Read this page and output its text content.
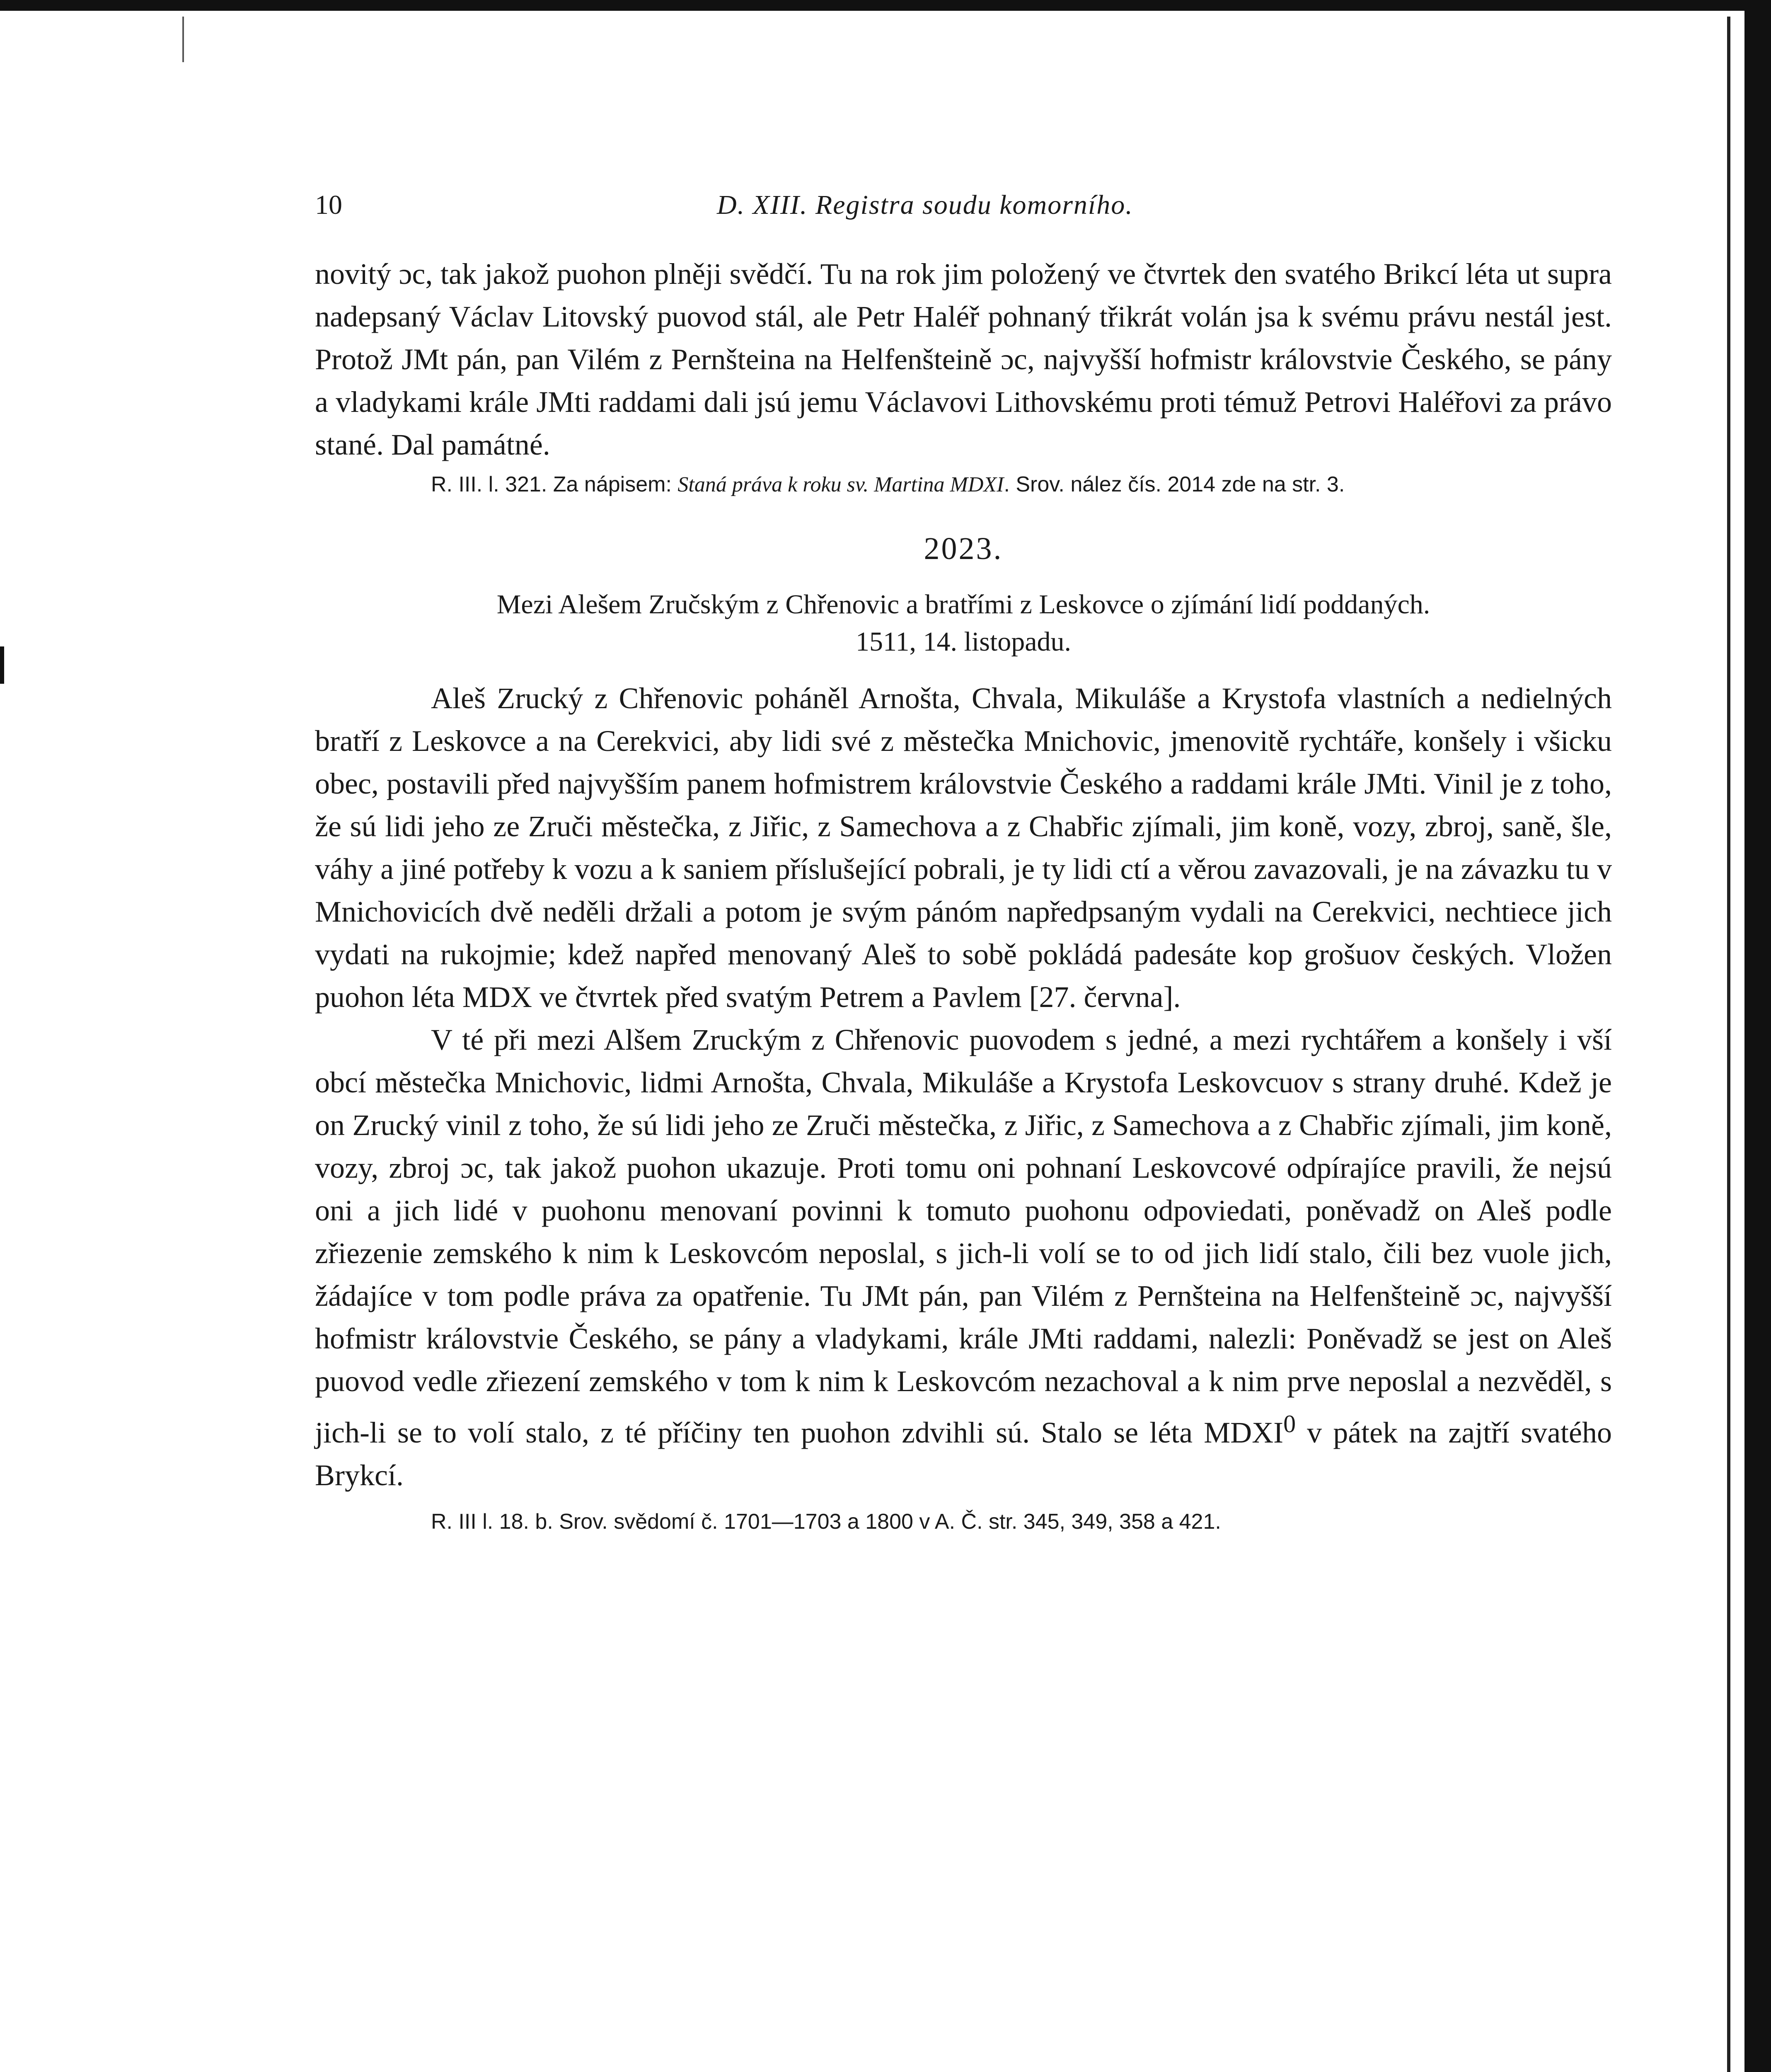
10	D. XIII. Registra soudu komorního.

novitý ɔc, tak jakož puohon plněji svědčí. Tu na rok jim položený ve čtvrtek den svatého Brikcí léta ut supra nadepsaný Václav Litovský puovod stál, ale Petr Haléř pohnaný třikrát volán jsa k svému právu nestál jest. Protož JMt pán, pan Vilém z Pernšteina na Helfenšteině ɔc, najvyšší hofmistr královstvie Českého, se pány a vladykami krále JMti raddami dali jsú jemu Václavovi Lithovskému proti témuž Petrovi Haléřovi za právo stané. Dal památné.

R. III. l. 321. Za nápisem: Staná práva k roku sv. Martina MDXI. Srov. nález čís. 2014 zde na str. 3.

2023.

Mezi Alešem Zručským z Chřenovic a bratřími z Leskovce o zjímání lidí poddaných.

1511, 14. listopadu.

Aleš Zrucký z Chřenovic poháněl Arnošta, Chvala, Mikuláše a Krystofa vlastních a nedielných bratří z Leskovce a na Cerekvici, aby lidi své z městečka Mnichovic, jmenovitě rychtáře, konšely i všicku obec, postavili před najvyšším panem hofmistrem královstvie Českého a raddami krále JMti. Vinil je z toho, že sú lidi jeho ze Zruči městečka, z Jiřic, z Samechova a z Chabřic zjímali, jim koně, vozy, zbroj, saně, šle, váhy a jiné potřeby k vozu a k saniem příslušející pobrali, je ty lidi ctí a věrou zavazovali, je na závazku tu v Mnichovicích dvě neděli držali a potom je svým pánóm napředpsaným vydali na Cerekvici, nechtiece jich vydati na rukojmie; kdež napřed menovaný Aleš to sobě pokládá padesáte kop grošuov českých. Vložen puohon léta MDX ve čtvrtek před svatým Petrem a Pavlem [27. června].

V té při mezi Alšem Zruckým z Chřenovic puovodem s jedné, a mezi rychtářem a konšely i vší obcí městečka Mnichovic, lidmi Arnošta, Chvala, Mikuláše a Krystofa Leskovcuov s strany druhé. Kdež je on Zrucký vinil z toho, že sú lidi jeho ze Zruči městečka, z Jiřic, z Samechova a z Chabřic zjímali, jim koně, vozy, zbroj ɔc, tak jakož puohon ukazuje. Proti tomu oni pohnaní Leskovcové odpírajíce pravili, že nejsú oni a jich lidé v puohonu menovaní povinni k tomuto puohonu odpoviedati, poněvadž on Aleš podle zřiezenie zemského k nim k Leskovcóm neposlal, s jich-li volí se to od jich lidí stalo, čili bez vuole jich, žádajíce v tom podle práva za opatřenie. Tu JMt pán, pan Vilém z Pernšteina na Helfenšteině ɔc, najvyšší hofmistr královstvie Českého, se pány a vladykami, krále JMti raddami, nalezli: Poněvadž se jest on Aleš puovod vedle zřiezení zemského v tom k nim k Leskovcóm nezachoval a k nim prve neposlal a nezvěděl, s jich-li se to volí stalo, z té příčiny ten puohon zdvihli sú. Stalo se léta MDXI$^0$ v pátek na zajtří svatého Brykcí.

R. III l. 18. b. Srov. svědomí č. 1701—1703 a 1800 v A. Č. str. 345, 349, 358 a 421.
